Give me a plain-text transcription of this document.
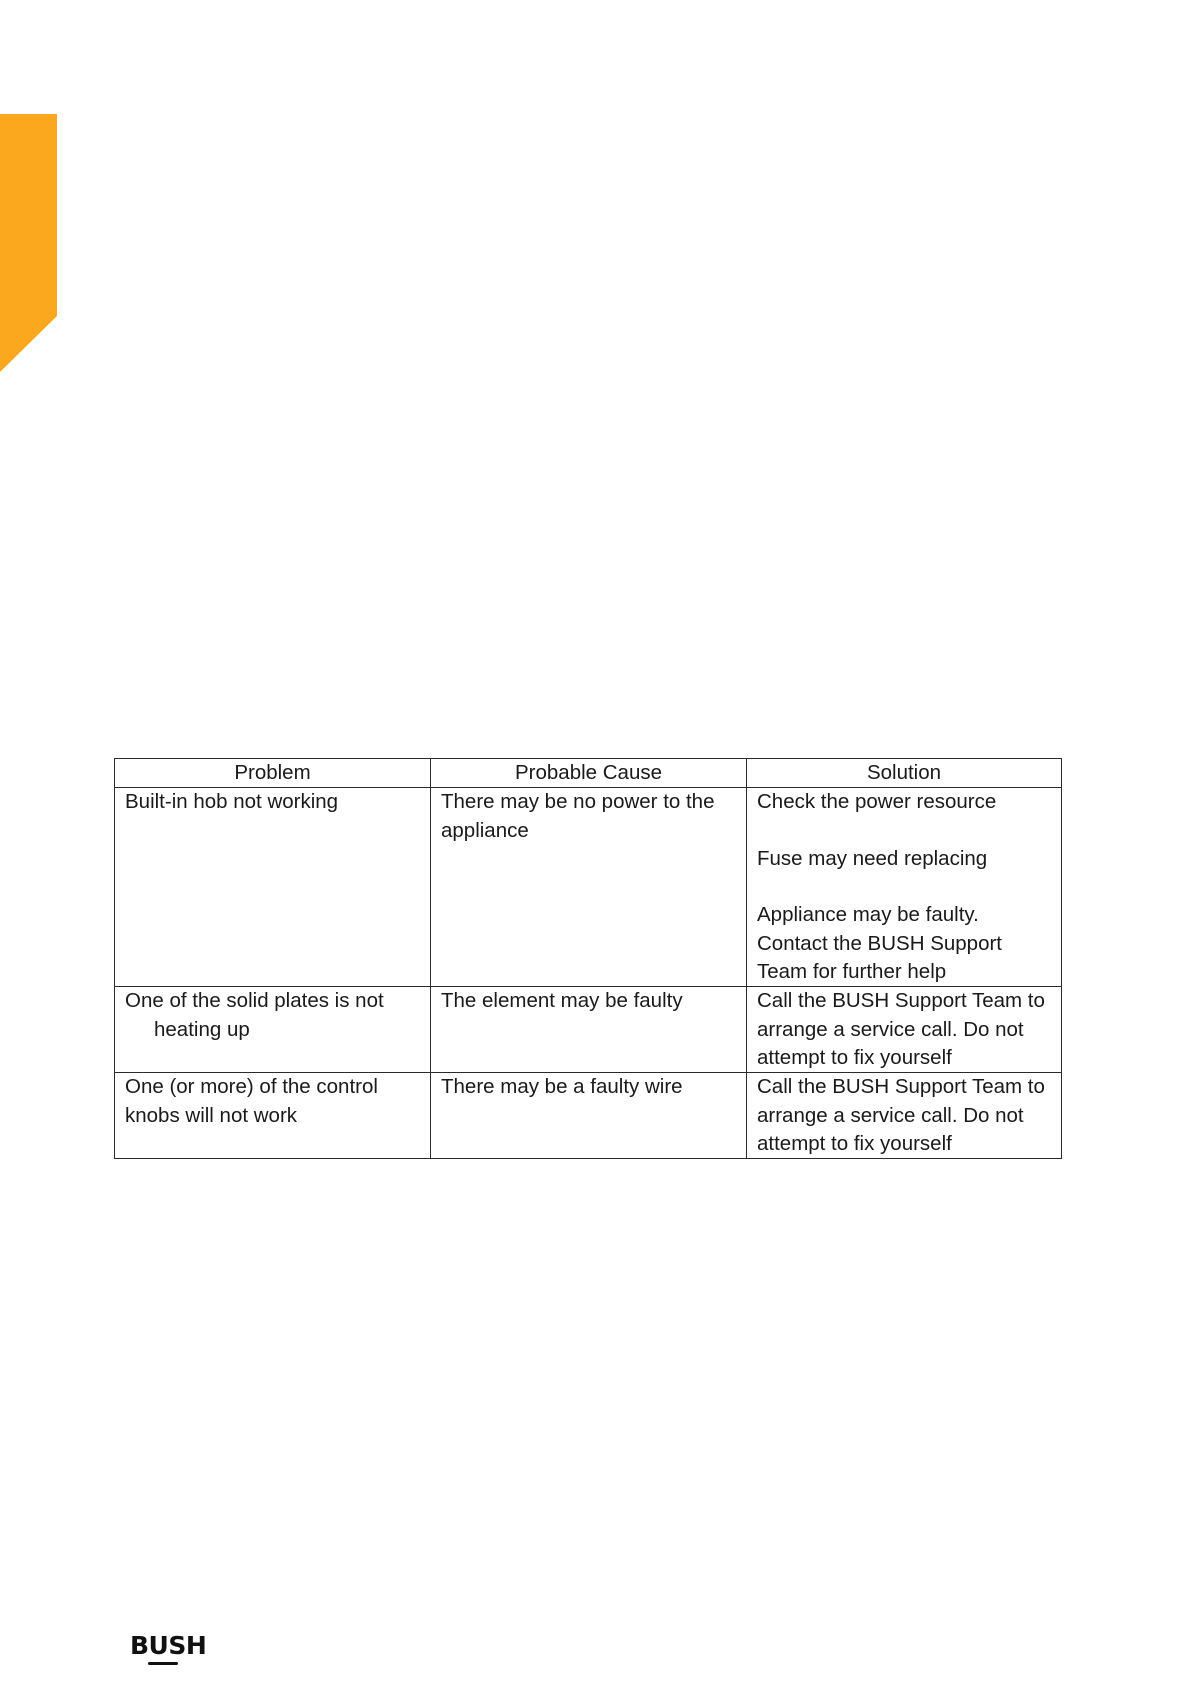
Problem	Probable Cause	Solution
Built-in hob not working	There may be no power to the appliance	Check the power resource
Fuse may need replacing
Appliance may be faulty. Contact the BUSH Support Team for further help

One of the solid plates is not heating up	The element may be faulty	Call the BUSH Support Team to arrange a service call. Do not attempt to fix yourself

One (or more) of the control knobs will not work	There may be a faulty wire	Call the BUSH Support Team to arrange a service call. Do not attempt to fix yourself
BUSH
